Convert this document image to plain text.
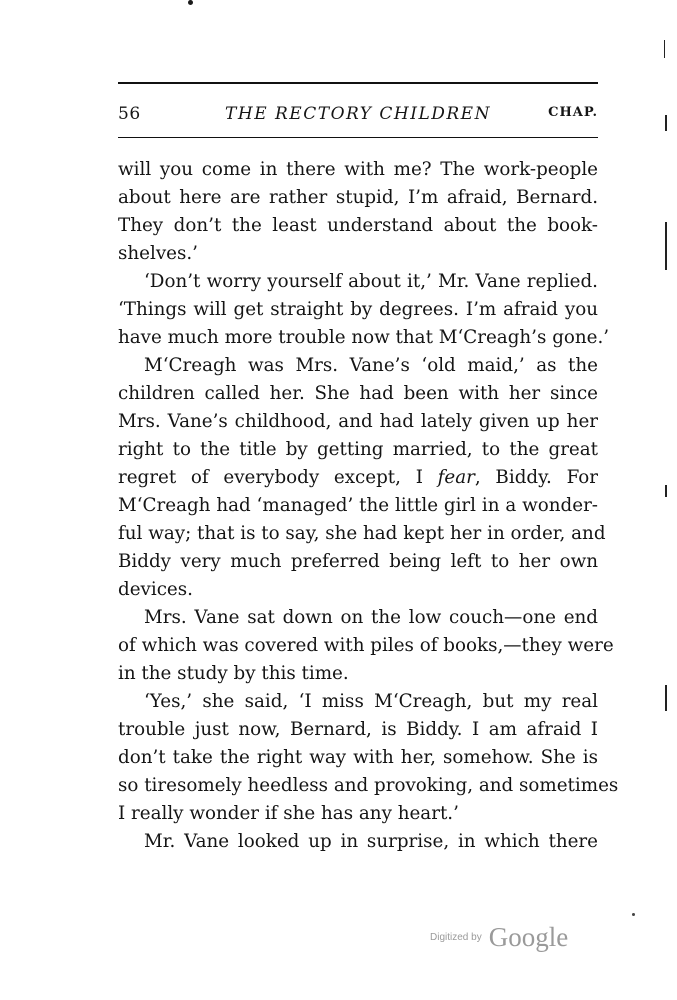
56	THE RECTORY CHILDREN	CHAP.
will you come in there with me? The work-people
about here are rather stupid, I’m afraid, Bernard.
They don’t the least understand about the book-
shelves.’
‘Don’t worry yourself about it,’ Mr. Vane replied.
‘Things will get straight by degrees. I’m afraid you
have much more trouble now that M‘Creagh’s gone.’
M‘Creagh was Mrs. Vane’s ‘old maid,’ as the
children called her. She had been with her since
Mrs. Vane’s childhood, and had lately given up her
right to the title by getting married, to the great
regret of everybody except, I fear, Biddy. For
M‘Creagh had ‘managed’ the little girl in a wonder-
ful way; that is to say, she had kept her in order, and
Biddy very much preferred being left to her own
devices.
Mrs. Vane sat down on the low couch—one end
of which was covered with piles of books,—they were
in the study by this time.
‘Yes,’ she said, ‘I miss M‘Creagh, but my real
trouble just now, Bernard, is Biddy. I am afraid I
don’t take the right way with her, somehow. She is
so tiresomely heedless and provoking, and sometimes
I really wonder if she has any heart.’
Mr. Vane looked up in surprise, in which there
Digitized by Google
